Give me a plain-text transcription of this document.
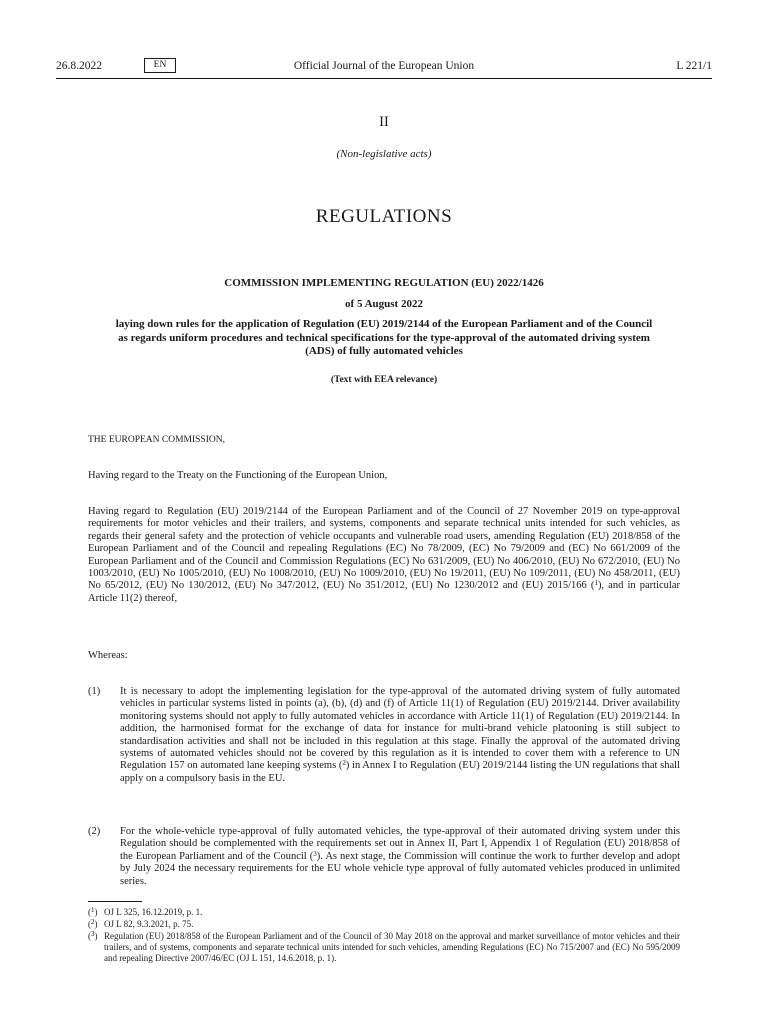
26.8.2022	EN	Official Journal of the European Union	L 221/1
II
(Non-legislative acts)
REGULATIONS
COMMISSION IMPLEMENTING REGULATION (EU) 2022/1426
of 5 August 2022
laying down rules for the application of Regulation (EU) 2019/2144 of the European Parliament and of the Council as regards uniform procedures and technical specifications for the type-approval of the automated driving system (ADS) of fully automated vehicles
(Text with EEA relevance)

THE EUROPEAN COMMISSION,

Having regard to the Treaty on the Functioning of the European Union,

Having regard to Regulation (EU) 2019/2144 of the European Parliament and of the Council of 27 November 2019 on type-approval requirements for motor vehicles and their trailers, and systems, components and separate technical units intended for such vehicles, as regards their general safety and the protection of vehicle occupants and vulnerable road users, amending Regulation (EU) 2018/858 of the European Parliament and of the Council and repealing Regulations (EC) No 78/2009, (EC) No 79/2009 and (EC) No 661/2009 of the European Parliament and of the Council and Commission Regulations (EC) No 631/2009, (EU) No 406/2010, (EU) No 672/2010, (EU) No 1003/2010, (EU) No 1005/2010, (EU) No 1008/2010, (EU) No 1009/2010, (EU) No 19/2011, (EU) No 109/2011, (EU) No 458/2011, (EU) No 65/2012, (EU) No 130/2012, (EU) No 347/2012, (EU) No 351/2012, (EU) No 1230/2012 and (EU) 2015/166 ($^1$), and in particular Article 11(2) thereof,

Whereas:

(1) It is necessary to adopt the implementing legislation for the type-approval of the automated driving system of fully automated vehicles in particular systems listed in points (a), (b), (d) and (f) of Article 11(1) of Regulation (EU) 2019/2144. Driver availability monitoring systems should not apply to fully automated vehicles in accordance with Article 11(1) of Regulation (EU) 2019/2144. In addition, the harmonised format for the exchange of data for instance for multi-brand vehicle platooning is still subject to standardisation activities and shall not be included in this regulation at this stage. Finally the approval of the automated driving systems of automated vehicles should not be covered by this regulation as it is intended to cover them with a reference to UN Regulation 157 on automated lane keeping systems ($^2$) in Annex I to Regulation (EU) 2019/2144 listing the UN regulations that shall apply on a compulsory basis in the EU.

(2) For the whole-vehicle type-approval of fully automated vehicles, the type-approval of their automated driving system under this Regulation should be complemented with the requirements set out in Annex II, Part I, Appendix 1 of Regulation (EU) 2018/858 of the European Parliament and of the Council ($^3$). As next stage, the Commission will continue the work to further develop and adopt by July 2024 the necessary requirements for the EU whole vehicle type approval of fully automated vehicles produced in unlimited series.

($^1$) OJ L 325, 16.12.2019, p. 1.

($^2$) OJ L 82, 9.3.2021, p. 75.

($^3$) Regulation (EU) 2018/858 of the European Parliament and of the Council of 30 May 2018 on the approval and market surveillance of motor vehicles and their trailers, and of systems, components and separate technical units intended for such vehicles, amending Regulations (EC) No 715/2007 and (EC) No 595/2009 and repealing Directive 2007/46/EC (OJ L 151, 14.6.2018, p. 1).
